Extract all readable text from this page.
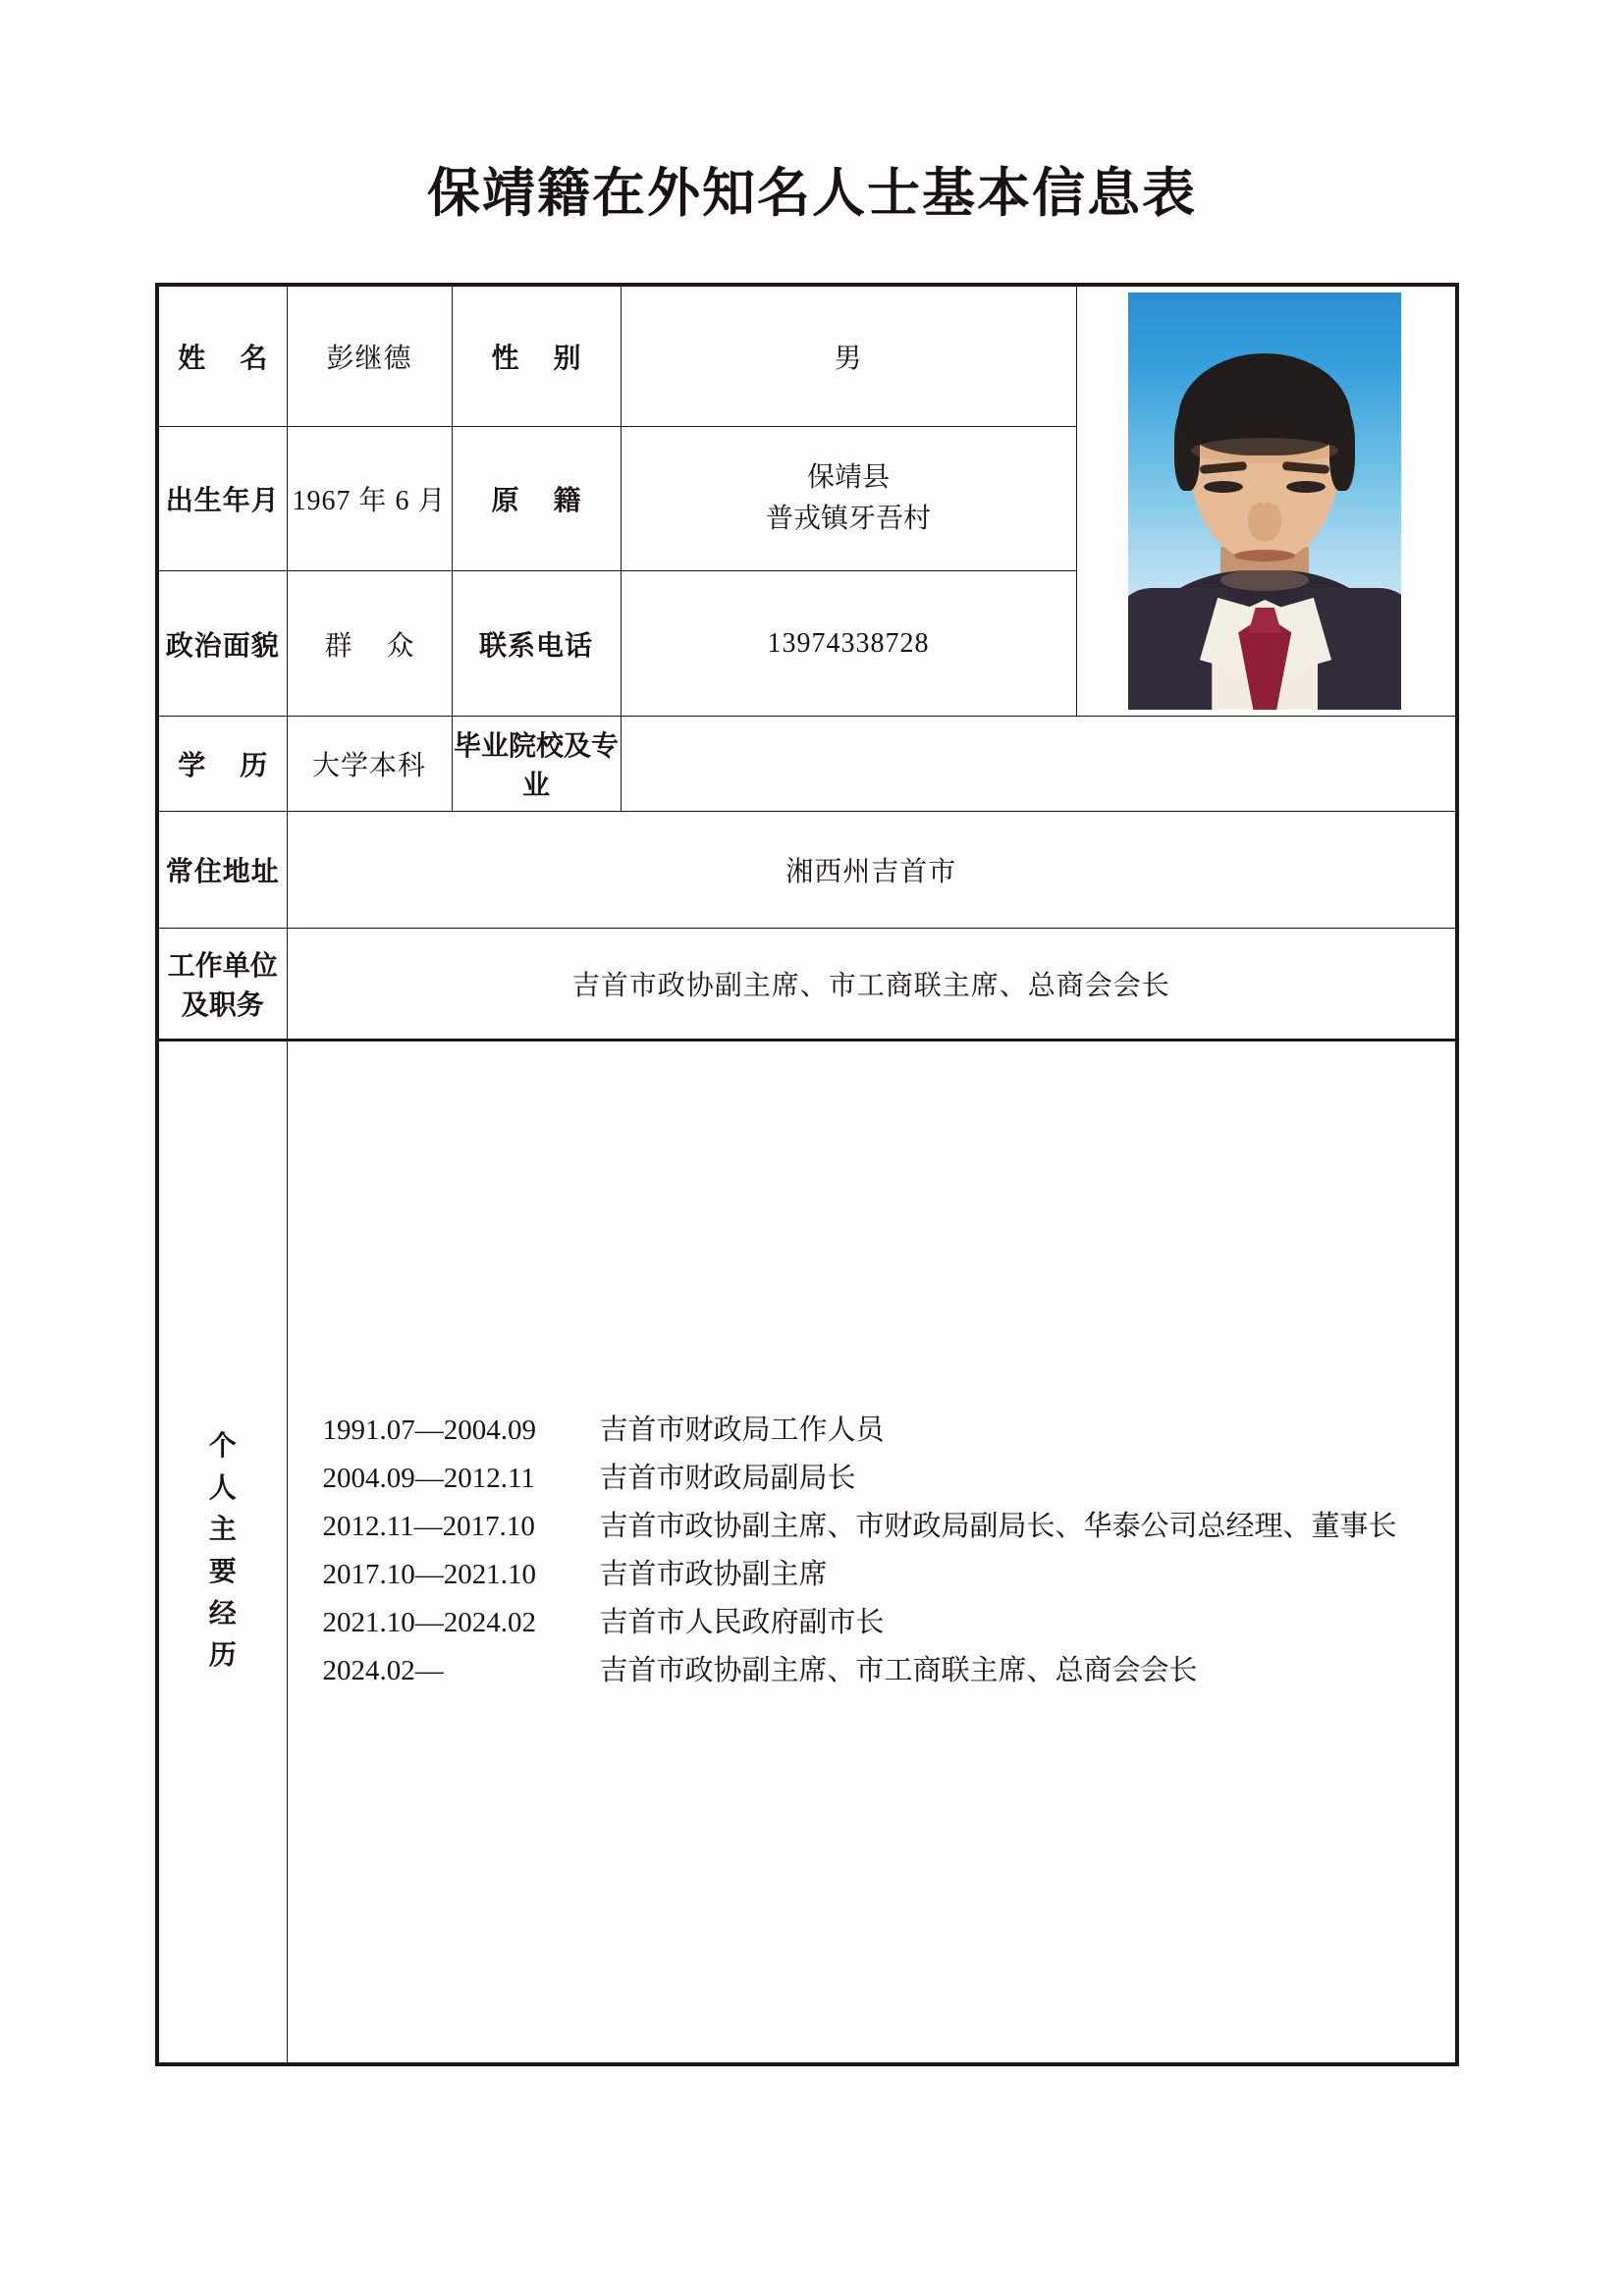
保靖籍在外知名人士基本信息表
姓 名	彭继德	性 别	男	

出生年月	1967 年 6 月	原 籍	保靖县
普戎镇牙吾村	

政治面貌	群 众	联系电话	13974338728	
学 历	大学本科	毕业院校及专业		
常住地址	湘西州吉首市			
工作单位及职务	吉首市政协副主席、市工商联主席、总商会会长			

个
人
主
要
经
历

1991.07—2004.09	吉首市财政局工作人员
2004.09—2012.11	吉首市财政局副局长
2012.11—2017.10	吉首市政协副主席、市财政局副局长、华泰公司总经理、董事长
2017.10—2021.10	吉首市政协副主席
2021.10—2024.02	吉首市人民政府副市长
2024.02—	吉首市政协副主席、市工商联主席、总商会会长
